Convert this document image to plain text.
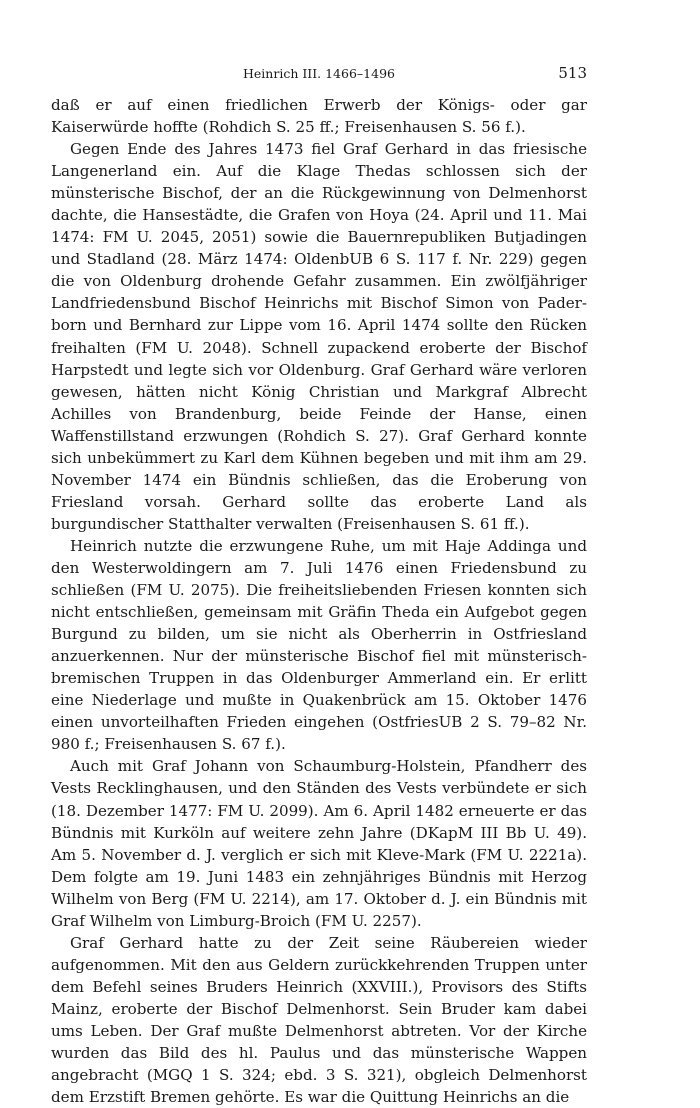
Heinrich III. 1466–1496	513

daß er auf einen friedlichen Erwerb der Königs- oder gar Kaiserwürde hoffte (Rohdich S. 25 ff.; Freisenhausen S. 56 f.).

Gegen Ende des Jahres 1473 fiel Graf Gerhard in das friesische Langenerland ein. Auf die Klage Thedas schlossen sich der münsterische Bischof, der an die Rückgewinnung von Delmenhorst dachte, die Hansestädte, die Grafen von Hoya (24. April und 11. Mai 1474: FM U. 2045, 2051) sowie die Bauernrepubliken Butjadingen und Stadland (28. März 1474: OldenbUB 6 S. 117 f. Nr. 229) gegen die von Oldenburg drohende Gefahr zusammen. Ein zwölfjähriger Landfriedensbund Bischof Heinrichs mit Bischof Simon von Paderborn und Bernhard zur Lippe vom 16. April 1474 sollte den Rücken freihalten (FM U. 2048). Schnell zupackend eroberte der Bischof Harpstedt und legte sich vor Oldenburg. Graf Gerhard wäre verloren gewesen, hätten nicht König Christian und Markgraf Albrecht Achilles von Brandenburg, beide Feinde der Hanse, einen Waffenstillstand erzwungen (Rohdich S. 27). Graf Gerhard konnte sich unbekümmert zu Karl dem Kühnen begeben und mit ihm am 29. November 1474 ein Bündnis schließen, das die Eroberung von Friesland vorsah. Gerhard sollte das eroberte Land als burgundischer Statthalter verwalten (Freisenhausen S. 61 ff.).

Heinrich nutzte die erzwungene Ruhe, um mit Haje Addinga und den Westerwoldingern am 7. Juli 1476 einen Friedensbund zu schließen (FM U. 2075). Die freiheitsliebenden Friesen konnten sich nicht entschließen, gemeinsam mit Gräfin Theda ein Aufgebot gegen Burgund zu bilden, um sie nicht als Oberherrin in Ostfriesland anzuerkennen. Nur der münsterische Bischof fiel mit münsterisch-bremischen Truppen in das Oldenburger Ammerland ein. Er erlitt eine Niederlage und mußte in Quakenbrück am 15. Oktober 1476 einen unvorteilhaften Frieden eingehen (OstfriesUB 2 S. 79–82 Nr. 980 f.; Freisenhausen S. 67 f.).

Auch mit Graf Johann von Schaumburg-Holstein, Pfandherr des Vests Recklinghausen, und den Ständen des Vests verbündete er sich (18. Dezember 1477: FM U. 2099). Am 6. April 1482 erneuerte er das Bündnis mit Kurköln auf weitere zehn Jahre (DKapM III Bb U. 49). Am 5. November d. J. verglich er sich mit Kleve-Mark (FM U. 2221a). Dem folgte am 19. Juni 1483 ein zehnjähriges Bündnis mit Herzog Wilhelm von Berg (FM U. 2214), am 17. Oktober d. J. ein Bündnis mit Graf Wilhelm von Limburg-Broich (FM U. 2257).

Graf Gerhard hatte zu der Zeit seine Räubereien wieder aufgenommen. Mit den aus Geldern zurückkehrenden Truppen unter dem Befehl seines Bruders Heinrich (XXVIII.), Provisors des Stifts Mainz, eroberte der Bischof Delmenhorst. Sein Bruder kam dabei ums Leben. Der Graf mußte Delmenhorst abtreten. Vor der Kirche wurden das Bild des hl. Paulus und das münsterische Wappen angebracht (MGQ 1 S. 324; ebd. 3 S. 321), obgleich Delmenhorst dem Erzstift Bremen gehörte. Es war die Quittung Heinrichs an die
